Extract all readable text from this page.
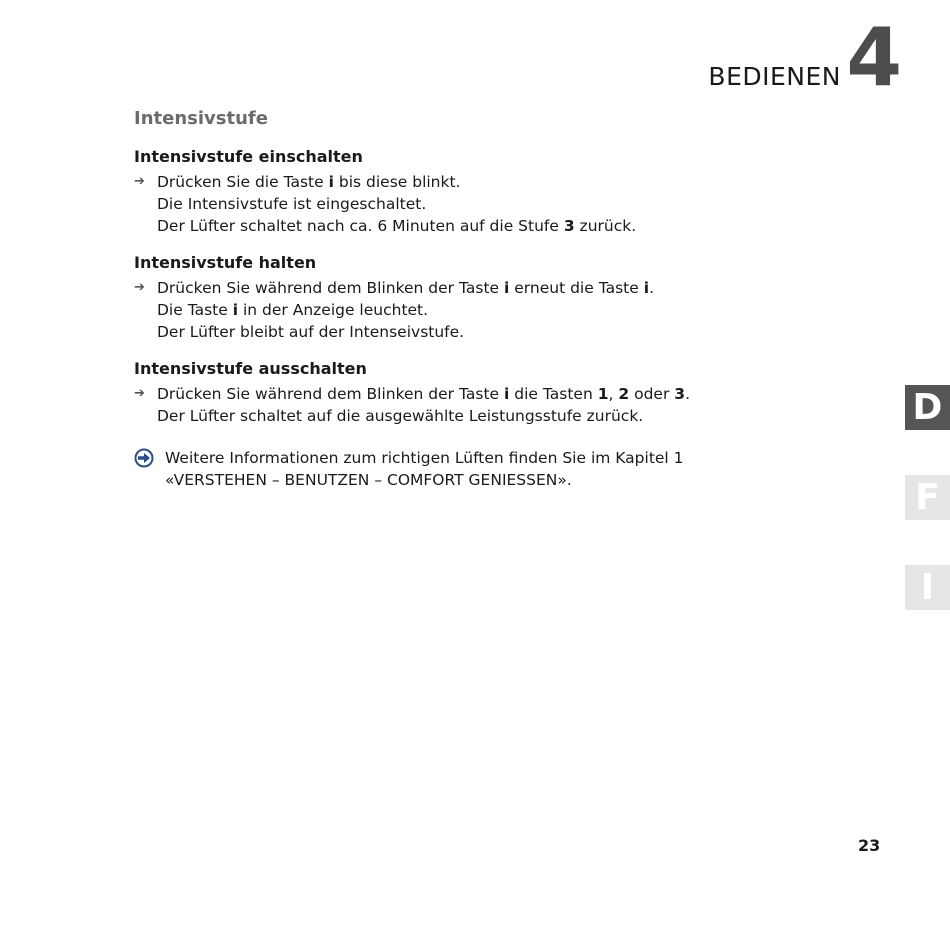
BEDIENEN 4
Intensivstufe
Intensivstufe einschalten
➔ Drücken Sie die Taste i bis diese blinkt.
Die Intensivstufe ist eingeschaltet.
Der Lüfter schaltet nach ca. 6 Minuten auf die Stufe 3 zurück.
Intensivstufe halten
➔ Drücken Sie während dem Blinken der Taste i erneut die Taste i.
Die Taste i in der Anzeige leuchtet.
Der Lüfter bleibt auf der Intenseivstufe.
Intensivstufe ausschalten
➔ Drücken Sie während dem Blinken der Taste i die Tasten 1, 2 oder 3.
Der Lüfter schaltet auf die ausgewählte Leistungsstufe zurück.
Weitere Informationen zum richtigen Lüften finden Sie im Kapitel 1
«VERSTEHEN – BENUTZEN – COMFORT GENIESSEN».
D
F
I
23
